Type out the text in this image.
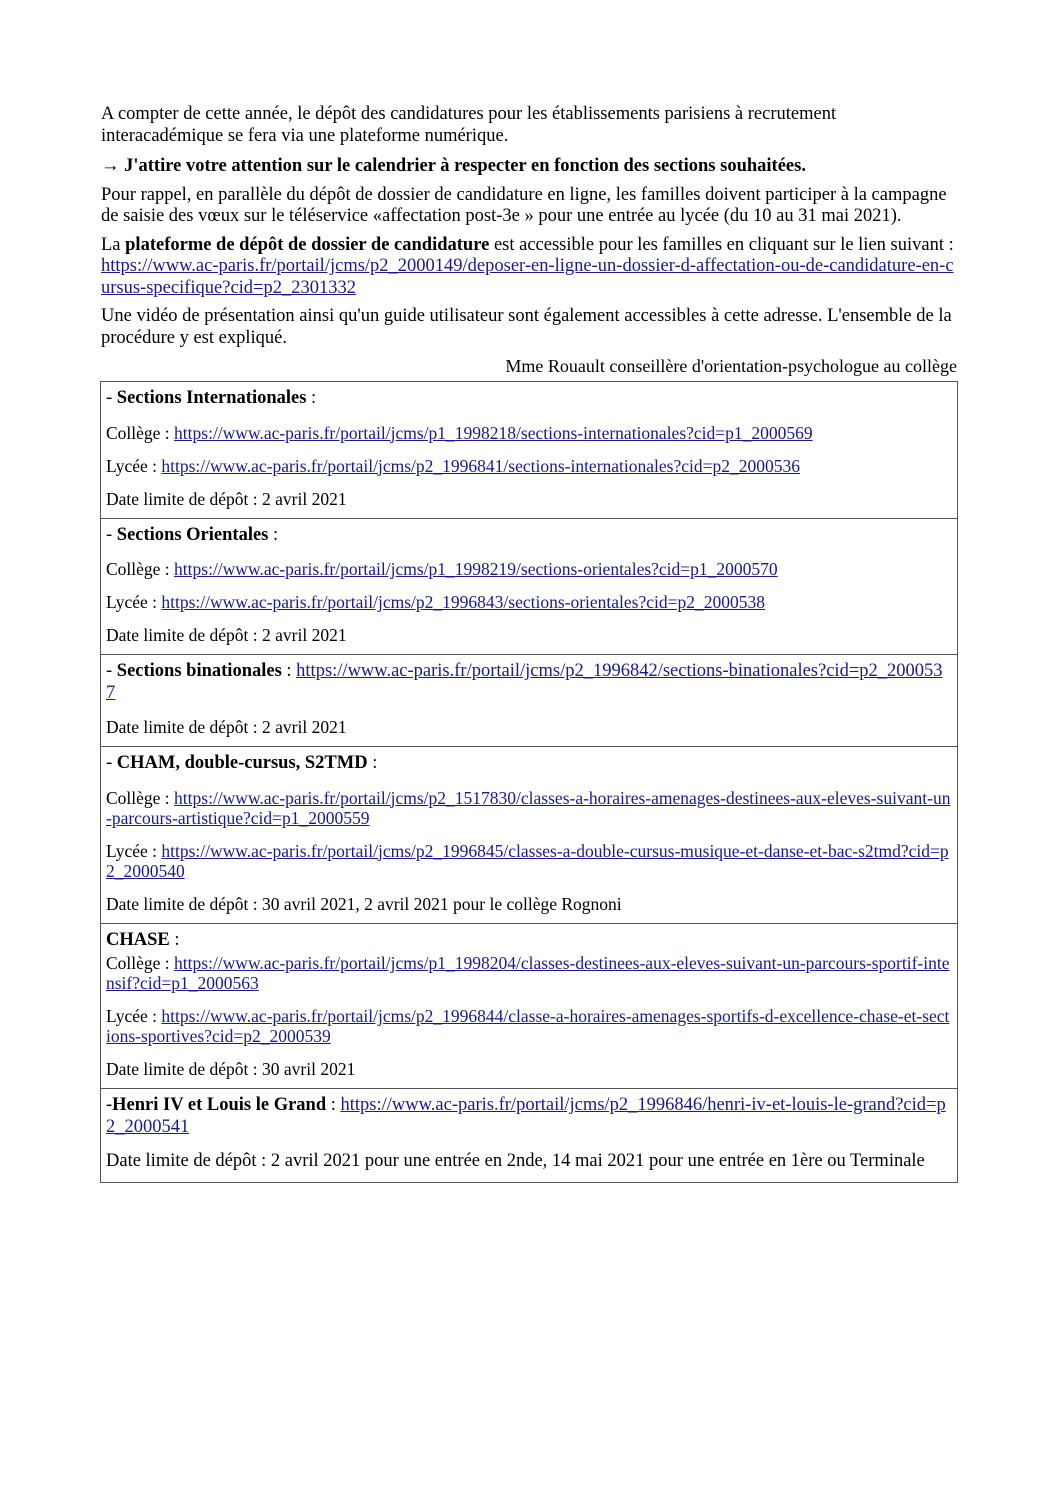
A compter de cette année, le dépôt des candidatures pour les établissements parisiens à recrutement interacadémique se fera via une plateforme numérique.

→ J'attire votre attention sur le calendrier à respecter en fonction des sections souhaitées.

Pour rappel, en parallèle du dépôt de dossier de candidature en ligne, les familles doivent participer à la campagne de saisie des vœux sur le téléservice «affectation post-3e » pour une entrée au lycée (du 10 au 31 mai 2021).

La plateforme de dépôt de dossier de candidature est accessible pour les familles en cliquant sur le lien suivant :
https://www.ac-paris.fr/portail/jcms/p2_2000149/deposer-en-ligne-un-dossier-d-affectation-ou-de-candidature-en-cursus-specifique?cid=p2_2301332

Une vidéo de présentation ainsi qu'un guide utilisateur sont également accessibles à cette adresse. L'ensemble de la procédure y est expliqué.

Mme Rouault conseillère d'orientation-psychologue au collège

- Sections Internationales :

Collège : https://www.ac-paris.fr/portail/jcms/p1_1998218/sections-internationales?cid=p1_2000569

Lycée : https://www.ac-paris.fr/portail/jcms/p2_1996841/sections-internationales?cid=p2_2000536

Date limite de dépôt : 2 avril 2021

- Sections Orientales :

Collège : https://www.ac-paris.fr/portail/jcms/p1_1998219/sections-orientales?cid=p1_2000570

Lycée : https://www.ac-paris.fr/portail/jcms/p2_1996843/sections-orientales?cid=p2_2000538

Date limite de dépôt : 2 avril 2021

- Sections binationales : https://www.ac-paris.fr/portail/jcms/p2_1996842/sections-binationales?cid=p2_2000537

Date limite de dépôt : 2 avril 2021

- CHAM, double-cursus, S2TMD :

Collège : https://www.ac-paris.fr/portail/jcms/p2_1517830/classes-a-horaires-amenages-destinees-aux-eleves-suivant-un-parcours-artistique?cid=p1_2000559

Lycée : https://www.ac-paris.fr/portail/jcms/p2_1996845/classes-a-double-cursus-musique-et-danse-et-bac-s2tmd?cid=p2_2000540

Date limite de dépôt : 30 avril 2021, 2 avril 2021 pour le collège Rognoni

CHASE :

Collège : https://www.ac-paris.fr/portail/jcms/p1_1998204/classes-destinees-aux-eleves-suivant-un-parcours-sportif-intensif?cid=p1_2000563

Lycée : https://www.ac-paris.fr/portail/jcms/p2_1996844/classe-a-horaires-amenages-sportifs-d-excellence-chase-et-sections-sportives?cid=p2_2000539

Date limite de dépôt : 30 avril 2021

-Henri IV et Louis le Grand : https://www.ac-paris.fr/portail/jcms/p2_1996846/henri-iv-et-louis-le-grand?cid=p2_2000541

Date limite de dépôt : 2 avril 2021 pour une entrée en 2nde, 14 mai 2021 pour une entrée en 1ère ou Terminale
